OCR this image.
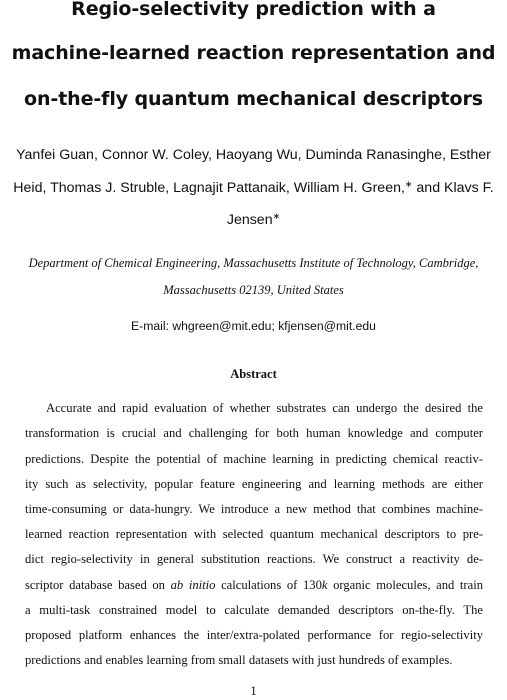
Regio-selectivity prediction with a
machine-learned reaction representation and
on-the-fly quantum mechanical descriptors
Yanfei Guan, Connor W. Coley, Haoyang Wu, Duminda Ranasinghe, Esther
Heid, Thomas J. Struble, Lagnajit Pattanaik, William H. Green,∗ and Klavs F.
Jensen∗
Department of Chemical Engineering, Massachusetts Institute of Technology, Cambridge,
Massachusetts 02139, United States
E-mail: whgreen@mit.edu; kfjensen@mit.edu
Abstract
Accurate and rapid evaluation of whether substrates can undergo the desired the
transformation is crucial and challenging for both human knowledge and computer
predictions. Despite the potential of machine learning in predicting chemical reactiv-
ity such as selectivity, popular feature engineering and learning methods are either
time-consuming or data-hungry. We introduce a new method that combines machine-
learned reaction representation with selected quantum mechanical descriptors to pre-
dict regio-selectivity in general substitution reactions. We construct a reactivity de-
scriptor database based on ab initio calculations of 130k organic molecules, and train
a multi-task constrained model to calculate demanded descriptors on-the-fly. The
proposed platform enhances the inter/extra-polated performance for regio-selectivity
predictions and enables learning from small datasets with just hundreds of examples.
1
